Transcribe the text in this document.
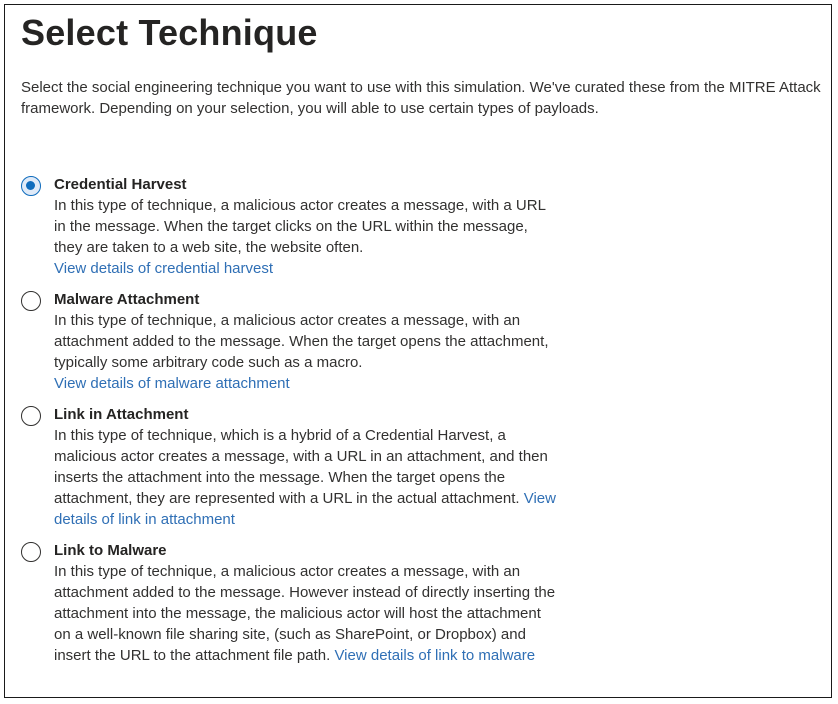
Select Technique

Select the social engineering technique you want to use with this simulation. We've curated these from the MITRE Attack framework. Depending on your selection, you will able to use certain types of payloads.

Credential Harvest

In this type of technique, a malicious actor creates a message, with a URL in the message. When the target clicks on the URL within the message, they are taken to a web site, the website often.
View details of credential harvest

Malware Attachment

In this type of technique, a malicious actor creates a message, with an attachment added to the message. When the target opens the attachment, typically some arbitrary code such as a macro.
View details of malware attachment

Link in Attachment

In this type of technique, which is a hybrid of a Credential Harvest, a malicious actor creates a message, with a URL in an attachment, and then inserts the attachment into the message. When the target opens the attachment, they are represented with a URL in the actual attachment. View details of link in attachment

Link to Malware

In this type of technique, a malicious actor creates a message, with an attachment added to the message. However instead of directly inserting the attachment into the message, the malicious actor will host the attachment on a well-known file sharing site, (such as SharePoint, or Dropbox) and insert the URL to the attachment file path. View details of link to malware
